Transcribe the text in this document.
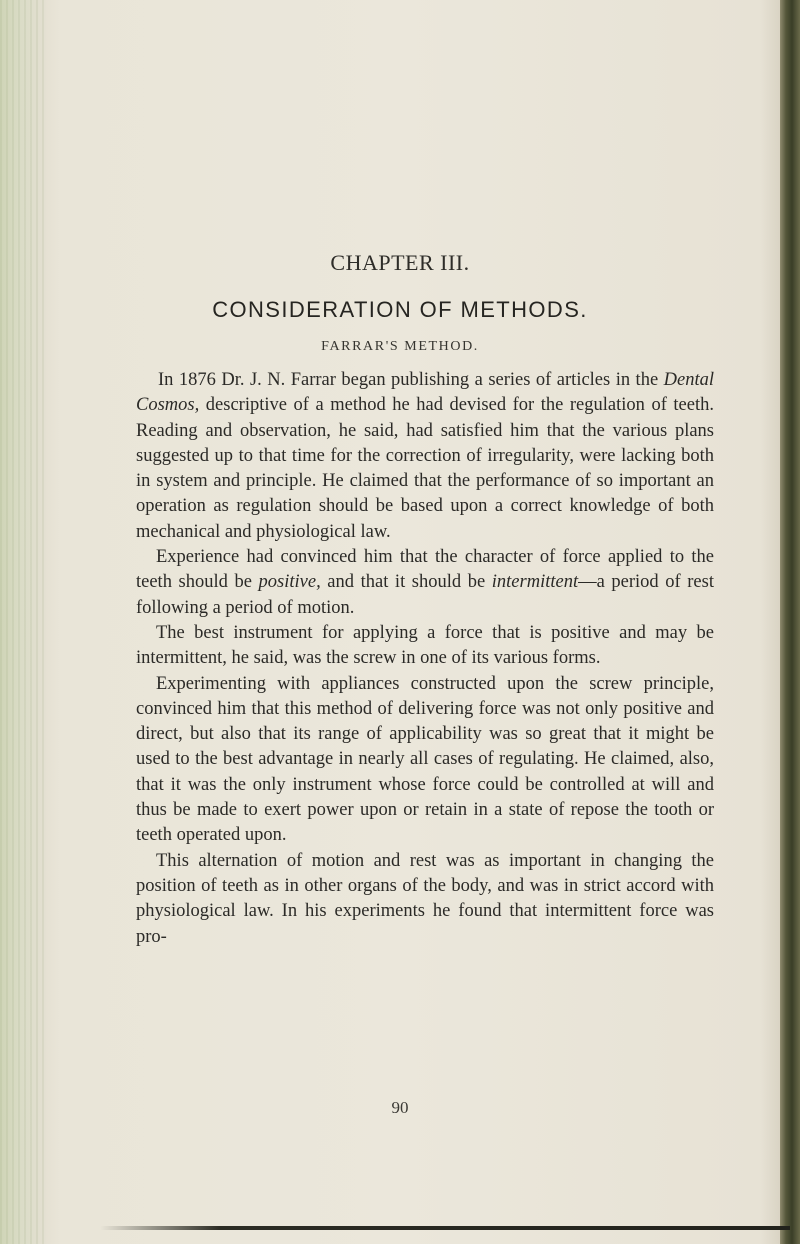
CHAPTER III.
CONSIDERATION OF METHODS.
FARRAR'S METHOD.

In 1876 Dr. J. N. Farrar began publishing a series of articles in the Dental Cosmos, descriptive of a method he had devised for the regulation of teeth. Reading and observation, he said, had satisfied him that the various plans suggested up to that time for the correction of irregularity, were lacking both in system and principle. He claimed that the performance of so important an operation as regulation should be based upon a correct knowledge of both mechanical and physiological law.

Experience had convinced him that the character of force applied to the teeth should be positive, and that it should be intermittent—a period of rest following a period of motion.

The best instrument for applying a force that is positive and may be intermittent, he said, was the screw in one of its various forms.

Experimenting with appliances constructed upon the screw principle, convinced him that this method of delivering force was not only positive and direct, but also that its range of applicability was so great that it might be used to the best advantage in nearly all cases of regulating. He claimed, also, that it was the only instrument whose force could be controlled at will and thus be made to exert power upon or retain in a state of repose the tooth or teeth operated upon.

This alternation of motion and rest was as important in changing the position of teeth as in other organs of the body, and was in strict accord with physiological law. In his experiments he found that intermittent force was pro-

90
